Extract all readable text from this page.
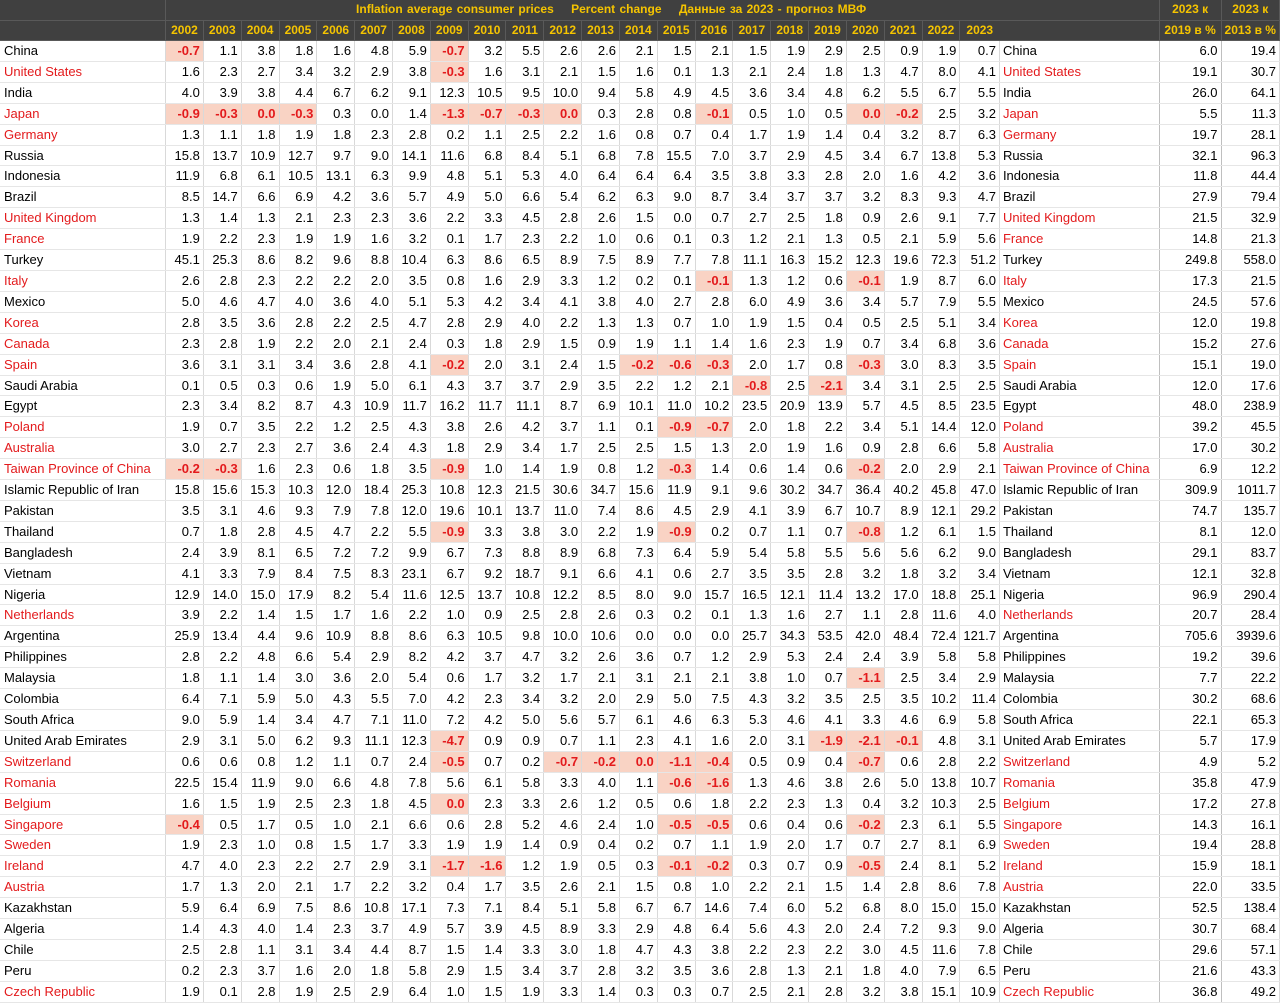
	Inflation average consumer prices Percent change Данные за 2023 - прогноз МВФ																							2023 к	2023 к
	2002	2003	2004	2005	2006	2007	2008	2009	2010	2011	2012	2013	2014	2015	2016	2017	2018	2019	2020	2021	2022	2023		2019 в %	2013 в %
China	-0.7	1.1	3.8	1.8	1.6	4.8	5.9	-0.7	3.2	5.5	2.6	2.6	2.1	1.5	2.1	1.5	1.9	2.9	2.5	0.9	1.9	0.7	China	6.0	19.4
United States	1.6	2.3	2.7	3.4	3.2	2.9	3.8	-0.3	1.6	3.1	2.1	1.5	1.6	0.1	1.3	2.1	2.4	1.8	1.3	4.7	8.0	4.1	United States	19.1	30.7
India	4.0	3.9	3.8	4.4	6.7	6.2	9.1	12.3	10.5	9.5	10.0	9.4	5.8	4.9	4.5	3.6	3.4	4.8	6.2	5.5	6.7	5.5	India	26.0	64.1
Japan	-0.9	-0.3	0.0	-0.3	0.3	0.0	1.4	-1.3	-0.7	-0.3	0.0	0.3	2.8	0.8	-0.1	0.5	1.0	0.5	0.0	-0.2	2.5	3.2	Japan	5.5	11.3
Germany	1.3	1.1	1.8	1.9	1.8	2.3	2.8	0.2	1.1	2.5	2.2	1.6	0.8	0.7	0.4	1.7	1.9	1.4	0.4	3.2	8.7	6.3	Germany	19.7	28.1
Russia	15.8	13.7	10.9	12.7	9.7	9.0	14.1	11.6	6.8	8.4	5.1	6.8	7.8	15.5	7.0	3.7	2.9	4.5	3.4	6.7	13.8	5.3	Russia	32.1	96.3
Indonesia	11.9	6.8	6.1	10.5	13.1	6.3	9.9	4.8	5.1	5.3	4.0	6.4	6.4	6.4	3.5	3.8	3.3	2.8	2.0	1.6	4.2	3.6	Indonesia	11.8	44.4
Brazil	8.5	14.7	6.6	6.9	4.2	3.6	5.7	4.9	5.0	6.6	5.4	6.2	6.3	9.0	8.7	3.4	3.7	3.7	3.2	8.3	9.3	4.7	Brazil	27.9	79.4
United Kingdom	1.3	1.4	1.3	2.1	2.3	2.3	3.6	2.2	3.3	4.5	2.8	2.6	1.5	0.0	0.7	2.7	2.5	1.8	0.9	2.6	9.1	7.7	United Kingdom	21.5	32.9
France	1.9	2.2	2.3	1.9	1.9	1.6	3.2	0.1	1.7	2.3	2.2	1.0	0.6	0.1	0.3	1.2	2.1	1.3	0.5	2.1	5.9	5.6	France	14.8	21.3
Turkey	45.1	25.3	8.6	8.2	9.6	8.8	10.4	6.3	8.6	6.5	8.9	7.5	8.9	7.7	7.8	11.1	16.3	15.2	12.3	19.6	72.3	51.2	Turkey	249.8	558.0
Italy	2.6	2.8	2.3	2.2	2.2	2.0	3.5	0.8	1.6	2.9	3.3	1.2	0.2	0.1	-0.1	1.3	1.2	0.6	-0.1	1.9	8.7	6.0	Italy	17.3	21.5
Mexico	5.0	4.6	4.7	4.0	3.6	4.0	5.1	5.3	4.2	3.4	4.1	3.8	4.0	2.7	2.8	6.0	4.9	3.6	3.4	5.7	7.9	5.5	Mexico	24.5	57.6
Korea	2.8	3.5	3.6	2.8	2.2	2.5	4.7	2.8	2.9	4.0	2.2	1.3	1.3	0.7	1.0	1.9	1.5	0.4	0.5	2.5	5.1	3.4	Korea	12.0	19.8
Canada	2.3	2.8	1.9	2.2	2.0	2.1	2.4	0.3	1.8	2.9	1.5	0.9	1.9	1.1	1.4	1.6	2.3	1.9	0.7	3.4	6.8	3.6	Canada	15.2	27.6
Spain	3.6	3.1	3.1	3.4	3.6	2.8	4.1	-0.2	2.0	3.1	2.4	1.5	-0.2	-0.6	-0.3	2.0	1.7	0.8	-0.3	3.0	8.3	3.5	Spain	15.1	19.0
Saudi Arabia	0.1	0.5	0.3	0.6	1.9	5.0	6.1	4.3	3.7	3.7	2.9	3.5	2.2	1.2	2.1	-0.8	2.5	-2.1	3.4	3.1	2.5	2.5	Saudi Arabia	12.0	17.6
Egypt	2.3	3.4	8.2	8.7	4.3	10.9	11.7	16.2	11.7	11.1	8.7	6.9	10.1	11.0	10.2	23.5	20.9	13.9	5.7	4.5	8.5	23.5	Egypt	48.0	238.9
Poland	1.9	0.7	3.5	2.2	1.2	2.5	4.3	3.8	2.6	4.2	3.7	1.1	0.1	-0.9	-0.7	2.0	1.8	2.2	3.4	5.1	14.4	12.0	Poland	39.2	45.5
Australia	3.0	2.7	2.3	2.7	3.6	2.4	4.3	1.8	2.9	3.4	1.7	2.5	2.5	1.5	1.3	2.0	1.9	1.6	0.9	2.8	6.6	5.8	Australia	17.0	30.2
Taiwan Province of China	-0.2	-0.3	1.6	2.3	0.6	1.8	3.5	-0.9	1.0	1.4	1.9	0.8	1.2	-0.3	1.4	0.6	1.4	0.6	-0.2	2.0	2.9	2.1	Taiwan Province of China	6.9	12.2
Islamic Republic of Iran	15.8	15.6	15.3	10.3	12.0	18.4	25.3	10.8	12.3	21.5	30.6	34.7	15.6	11.9	9.1	9.6	30.2	34.7	36.4	40.2	45.8	47.0	Islamic Republic of Iran	309.9	1011.7
Pakistan	3.5	3.1	4.6	9.3	7.9	7.8	12.0	19.6	10.1	13.7	11.0	7.4	8.6	4.5	2.9	4.1	3.9	6.7	10.7	8.9	12.1	29.2	Pakistan	74.7	135.7
Thailand	0.7	1.8	2.8	4.5	4.7	2.2	5.5	-0.9	3.3	3.8	3.0	2.2	1.9	-0.9	0.2	0.7	1.1	0.7	-0.8	1.2	6.1	1.5	Thailand	8.1	12.0
Bangladesh	2.4	3.9	8.1	6.5	7.2	7.2	9.9	6.7	7.3	8.8	8.9	6.8	7.3	6.4	5.9	5.4	5.8	5.5	5.6	5.6	6.2	9.0	Bangladesh	29.1	83.7
Vietnam	4.1	3.3	7.9	8.4	7.5	8.3	23.1	6.7	9.2	18.7	9.1	6.6	4.1	0.6	2.7	3.5	3.5	2.8	3.2	1.8	3.2	3.4	Vietnam	12.1	32.8
Nigeria	12.9	14.0	15.0	17.9	8.2	5.4	11.6	12.5	13.7	10.8	12.2	8.5	8.0	9.0	15.7	16.5	12.1	11.4	13.2	17.0	18.8	25.1	Nigeria	96.9	290.4
Netherlands	3.9	2.2	1.4	1.5	1.7	1.6	2.2	1.0	0.9	2.5	2.8	2.6	0.3	0.2	0.1	1.3	1.6	2.7	1.1	2.8	11.6	4.0	Netherlands	20.7	28.4
Argentina	25.9	13.4	4.4	9.6	10.9	8.8	8.6	6.3	10.5	9.8	10.0	10.6	0.0	0.0	0.0	25.7	34.3	53.5	42.0	48.4	72.4	121.7	Argentina	705.6	3939.6
Philippines	2.8	2.2	4.8	6.6	5.4	2.9	8.2	4.2	3.7	4.7	3.2	2.6	3.6	0.7	1.2	2.9	5.3	2.4	2.4	3.9	5.8	5.8	Philippines	19.2	39.6
Malaysia	1.8	1.1	1.4	3.0	3.6	2.0	5.4	0.6	1.7	3.2	1.7	2.1	3.1	2.1	2.1	3.8	1.0	0.7	-1.1	2.5	3.4	2.9	Malaysia	7.7	22.2
Colombia	6.4	7.1	5.9	5.0	4.3	5.5	7.0	4.2	2.3	3.4	3.2	2.0	2.9	5.0	7.5	4.3	3.2	3.5	2.5	3.5	10.2	11.4	Colombia	30.2	68.6
South Africa	9.0	5.9	1.4	3.4	4.7	7.1	11.0	7.2	4.2	5.0	5.6	5.7	6.1	4.6	6.3	5.3	4.6	4.1	3.3	4.6	6.9	5.8	South Africa	22.1	65.3
United Arab Emirates	2.9	3.1	5.0	6.2	9.3	11.1	12.3	-4.7	0.9	0.9	0.7	1.1	2.3	4.1	1.6	2.0	3.1	-1.9	-2.1	-0.1	4.8	3.1	United Arab Emirates	5.7	17.9
Switzerland	0.6	0.6	0.8	1.2	1.1	0.7	2.4	-0.5	0.7	0.2	-0.7	-0.2	0.0	-1.1	-0.4	0.5	0.9	0.4	-0.7	0.6	2.8	2.2	Switzerland	4.9	5.2
Romania	22.5	15.4	11.9	9.0	6.6	4.8	7.8	5.6	6.1	5.8	3.3	4.0	1.1	-0.6	-1.6	1.3	4.6	3.8	2.6	5.0	13.8	10.7	Romania	35.8	47.9
Belgium	1.6	1.5	1.9	2.5	2.3	1.8	4.5	0.0	2.3	3.3	2.6	1.2	0.5	0.6	1.8	2.2	2.3	1.3	0.4	3.2	10.3	2.5	Belgium	17.2	27.8
Singapore	-0.4	0.5	1.7	0.5	1.0	2.1	6.6	0.6	2.8	5.2	4.6	2.4	1.0	-0.5	-0.5	0.6	0.4	0.6	-0.2	2.3	6.1	5.5	Singapore	14.3	16.1
Sweden	1.9	2.3	1.0	0.8	1.5	1.7	3.3	1.9	1.9	1.4	0.9	0.4	0.2	0.7	1.1	1.9	2.0	1.7	0.7	2.7	8.1	6.9	Sweden	19.4	28.8
Ireland	4.7	4.0	2.3	2.2	2.7	2.9	3.1	-1.7	-1.6	1.2	1.9	0.5	0.3	-0.1	-0.2	0.3	0.7	0.9	-0.5	2.4	8.1	5.2	Ireland	15.9	18.1
Austria	1.7	1.3	2.0	2.1	1.7	2.2	3.2	0.4	1.7	3.5	2.6	2.1	1.5	0.8	1.0	2.2	2.1	1.5	1.4	2.8	8.6	7.8	Austria	22.0	33.5
Kazakhstan	5.9	6.4	6.9	7.5	8.6	10.8	17.1	7.3	7.1	8.4	5.1	5.8	6.7	6.7	14.6	7.4	6.0	5.2	6.8	8.0	15.0	15.0	Kazakhstan	52.5	138.4
Algeria	1.4	4.3	4.0	1.4	2.3	3.7	4.9	5.7	3.9	4.5	8.9	3.3	2.9	4.8	6.4	5.6	4.3	2.0	2.4	7.2	9.3	9.0	Algeria	30.7	68.4
Chile	2.5	2.8	1.1	3.1	3.4	4.4	8.7	1.5	1.4	3.3	3.0	1.8	4.7	4.3	3.8	2.2	2.3	2.2	3.0	4.5	11.6	7.8	Chile	29.6	57.1
Peru	0.2	2.3	3.7	1.6	2.0	1.8	5.8	2.9	1.5	3.4	3.7	2.8	3.2	3.5	3.6	2.8	1.3	2.1	1.8	4.0	7.9	6.5	Peru	21.6	43.3
Czech Republic	1.9	0.1	2.8	1.9	2.5	2.9	6.4	1.0	1.5	1.9	3.3	1.4	0.3	0.3	0.7	2.5	2.1	2.8	3.2	3.8	15.1	10.9	Czech Republic	36.8	49.2
